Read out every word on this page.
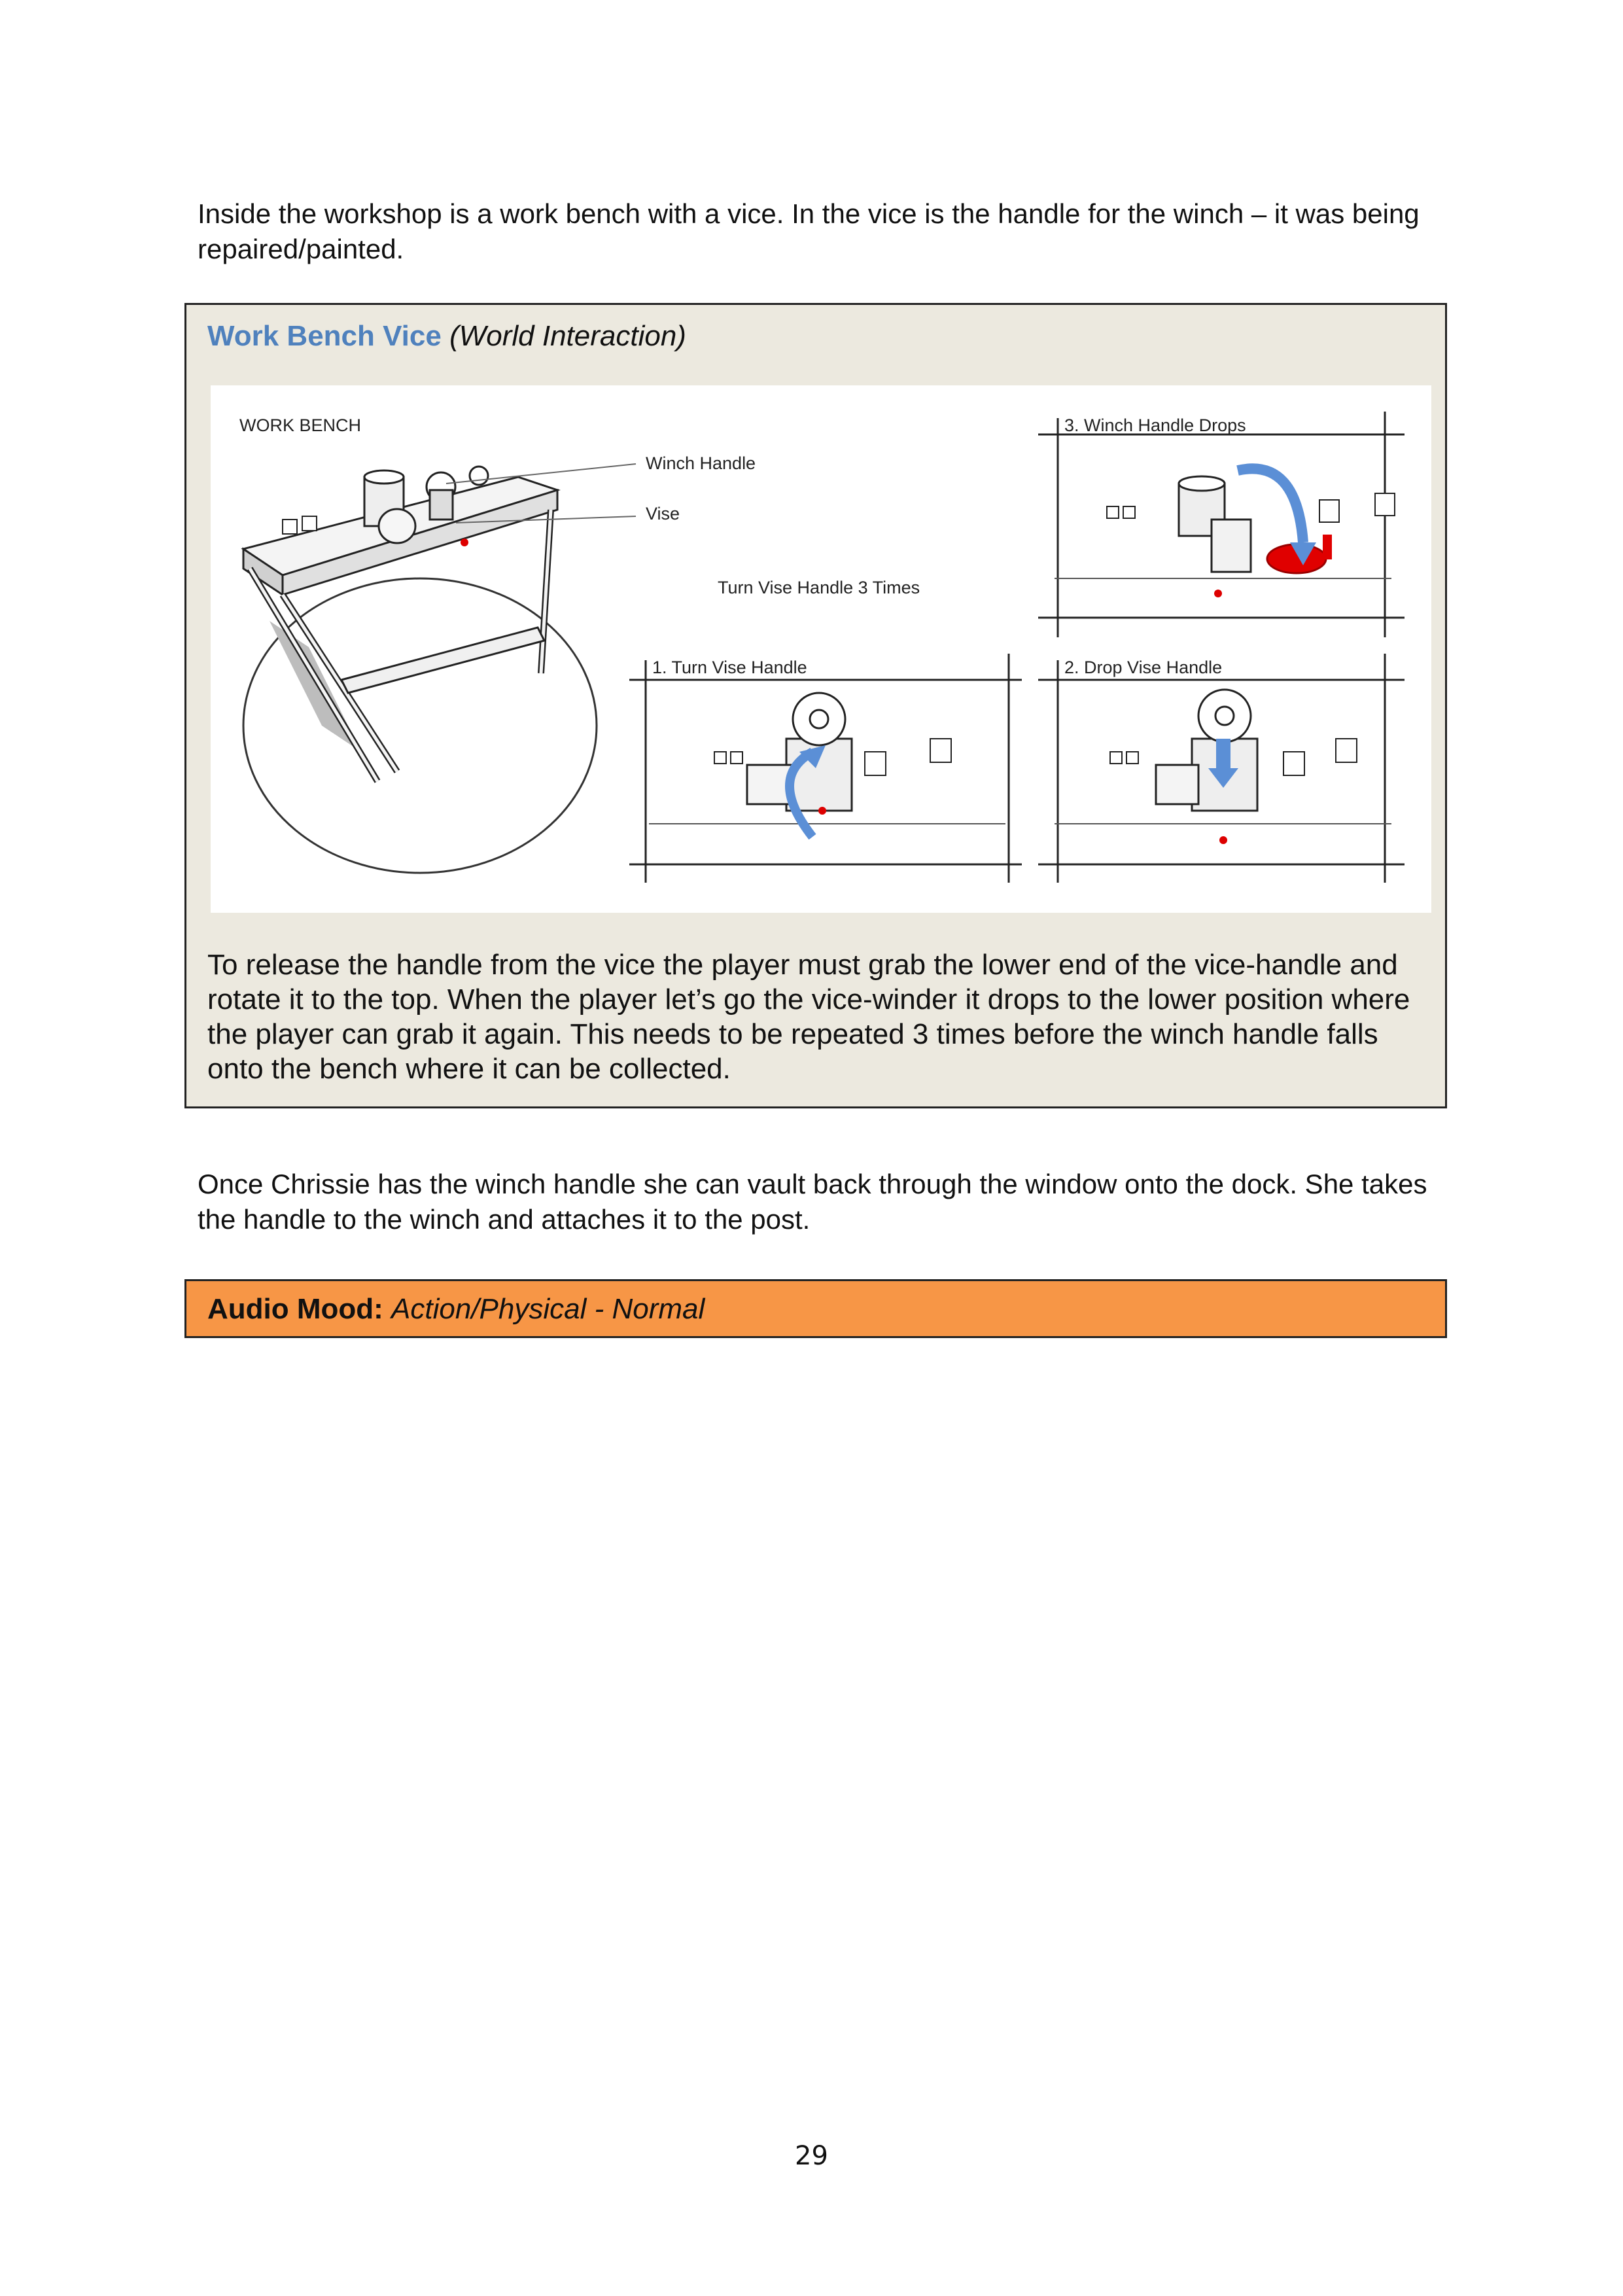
Inside the workshop is a work bench with a vice. In the vice is the handle for the winch – it was being repaired/painted.

Work Bench Vice (World Interaction)
WORK BENCH
Winch Handle
Vise
Turn Vise Handle 3 Times
3. Winch Handle Drops
1. Turn Vise Handle	2. Drop Vise Handle

To release the handle from the vice the player must grab the lower end of the vice-handle and rotate it to the top. When the player let’s go the vice-winder it drops to the lower position where the player can grab it again. This needs to be repeated 3 times before the winch handle falls onto the bench where it can be collected.

Once Chrissie has the winch handle she can vault back through the window onto the dock. She takes the handle to the winch and attaches it to the post.

Audio Mood: Action/Physical - Normal
29
